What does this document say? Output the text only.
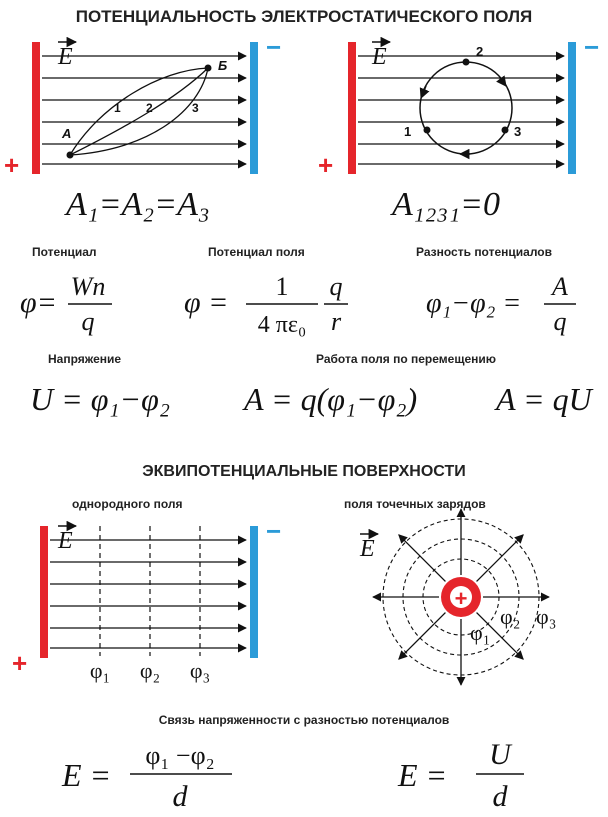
ПОТЕНЦИАЛЬНОСТЬ ЭЛЕКТРОСТАТИЧЕСКОГО ПОЛЯ
E
+
−
А
Б
1 2	3
A₁=A₂=A₃
E
+
−
1
2
3
A₁₂₃₁=0
Потенциал	Потенциал поля	Разность потенциалов
φ= Wп
q
φ = 1
4 πε₀
q
r
φ₁−φ₂ =
A
q
Напряжение	Работа поля по перемещению
U = φ₁−φ₂ A = q(φ₁−φ₂) A = qU
ЭКВИПОТЕНЦИАЛЬНЫЕ ПОВЕРХНОСТИ
однородного поля	поля точечных зарядов
E
+
−
φ₁ φ₂ φ₃
E
+
φ₁
φ₂ φ₃
Связь напряженности с разностью потенциалов
E =
φ₁ −φ₂
d
E =
U
d
